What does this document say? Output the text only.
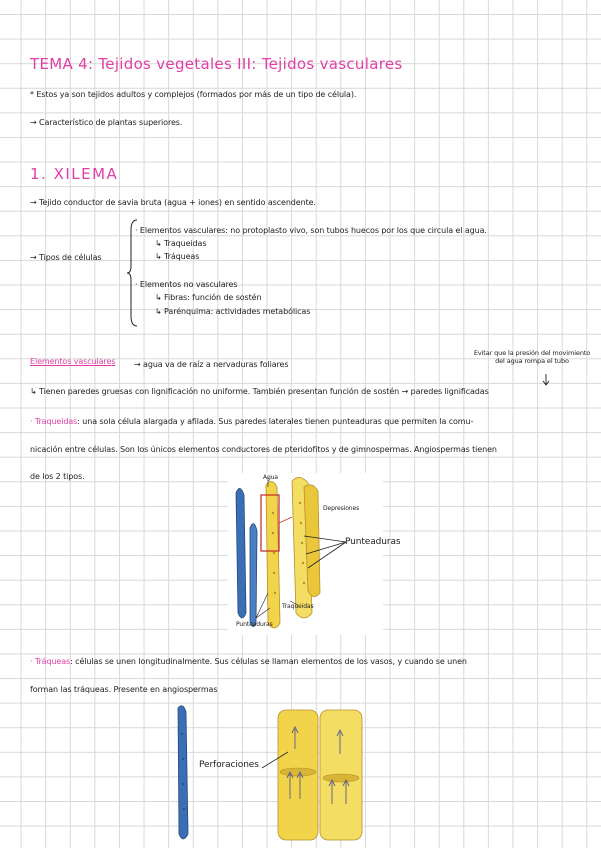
TEMA 4: Tejidos vegetales III: Tejidos vasculares
* Estos ya son tejidos adultos y complejos (formados por más de un tipo de célula).
→ Característico de plantas superiores.
1. XILEMA
→ Tejido conductor de savia bruta (agua + iones) en sentido ascendente.
→ Tipos de células
· Elementos vasculares: no protoplasto vivo, son tubos huecos por los que circula el agua.
↳ Traqueidas
↳ Tráqueas
· Elementos no vasculares
↳ Fibras: función de sostén
↳ Parénquima: actividades metabólicas
Elementos vasculares → agua va de raíz a nervaduras foliares
Evitar que la presión del movimiento del agua rompa el tubo
↳ Tienen paredes gruesas con lignificación no uniforme. También presentan función de sostén → paredes lignificadas
· Traqueidas: una sola célula alargada y afilada. Sus paredes laterales tienen punteaduras que permiten la comu-
nicación entre células. Son los únicos elementos conductores de pteridofitos y de gimnospermas. Angiospermas tienen
de los 2 tipos.	Agua
Depresiones
Traqueidas
Punteaduras
Punteaduras
· Tráqueas: células se unen longitudinalmente. Sus células se llaman elementos de los vasos, y cuando se unen
forman las tráqueas. Presente en angiospermas
Perforaciones
